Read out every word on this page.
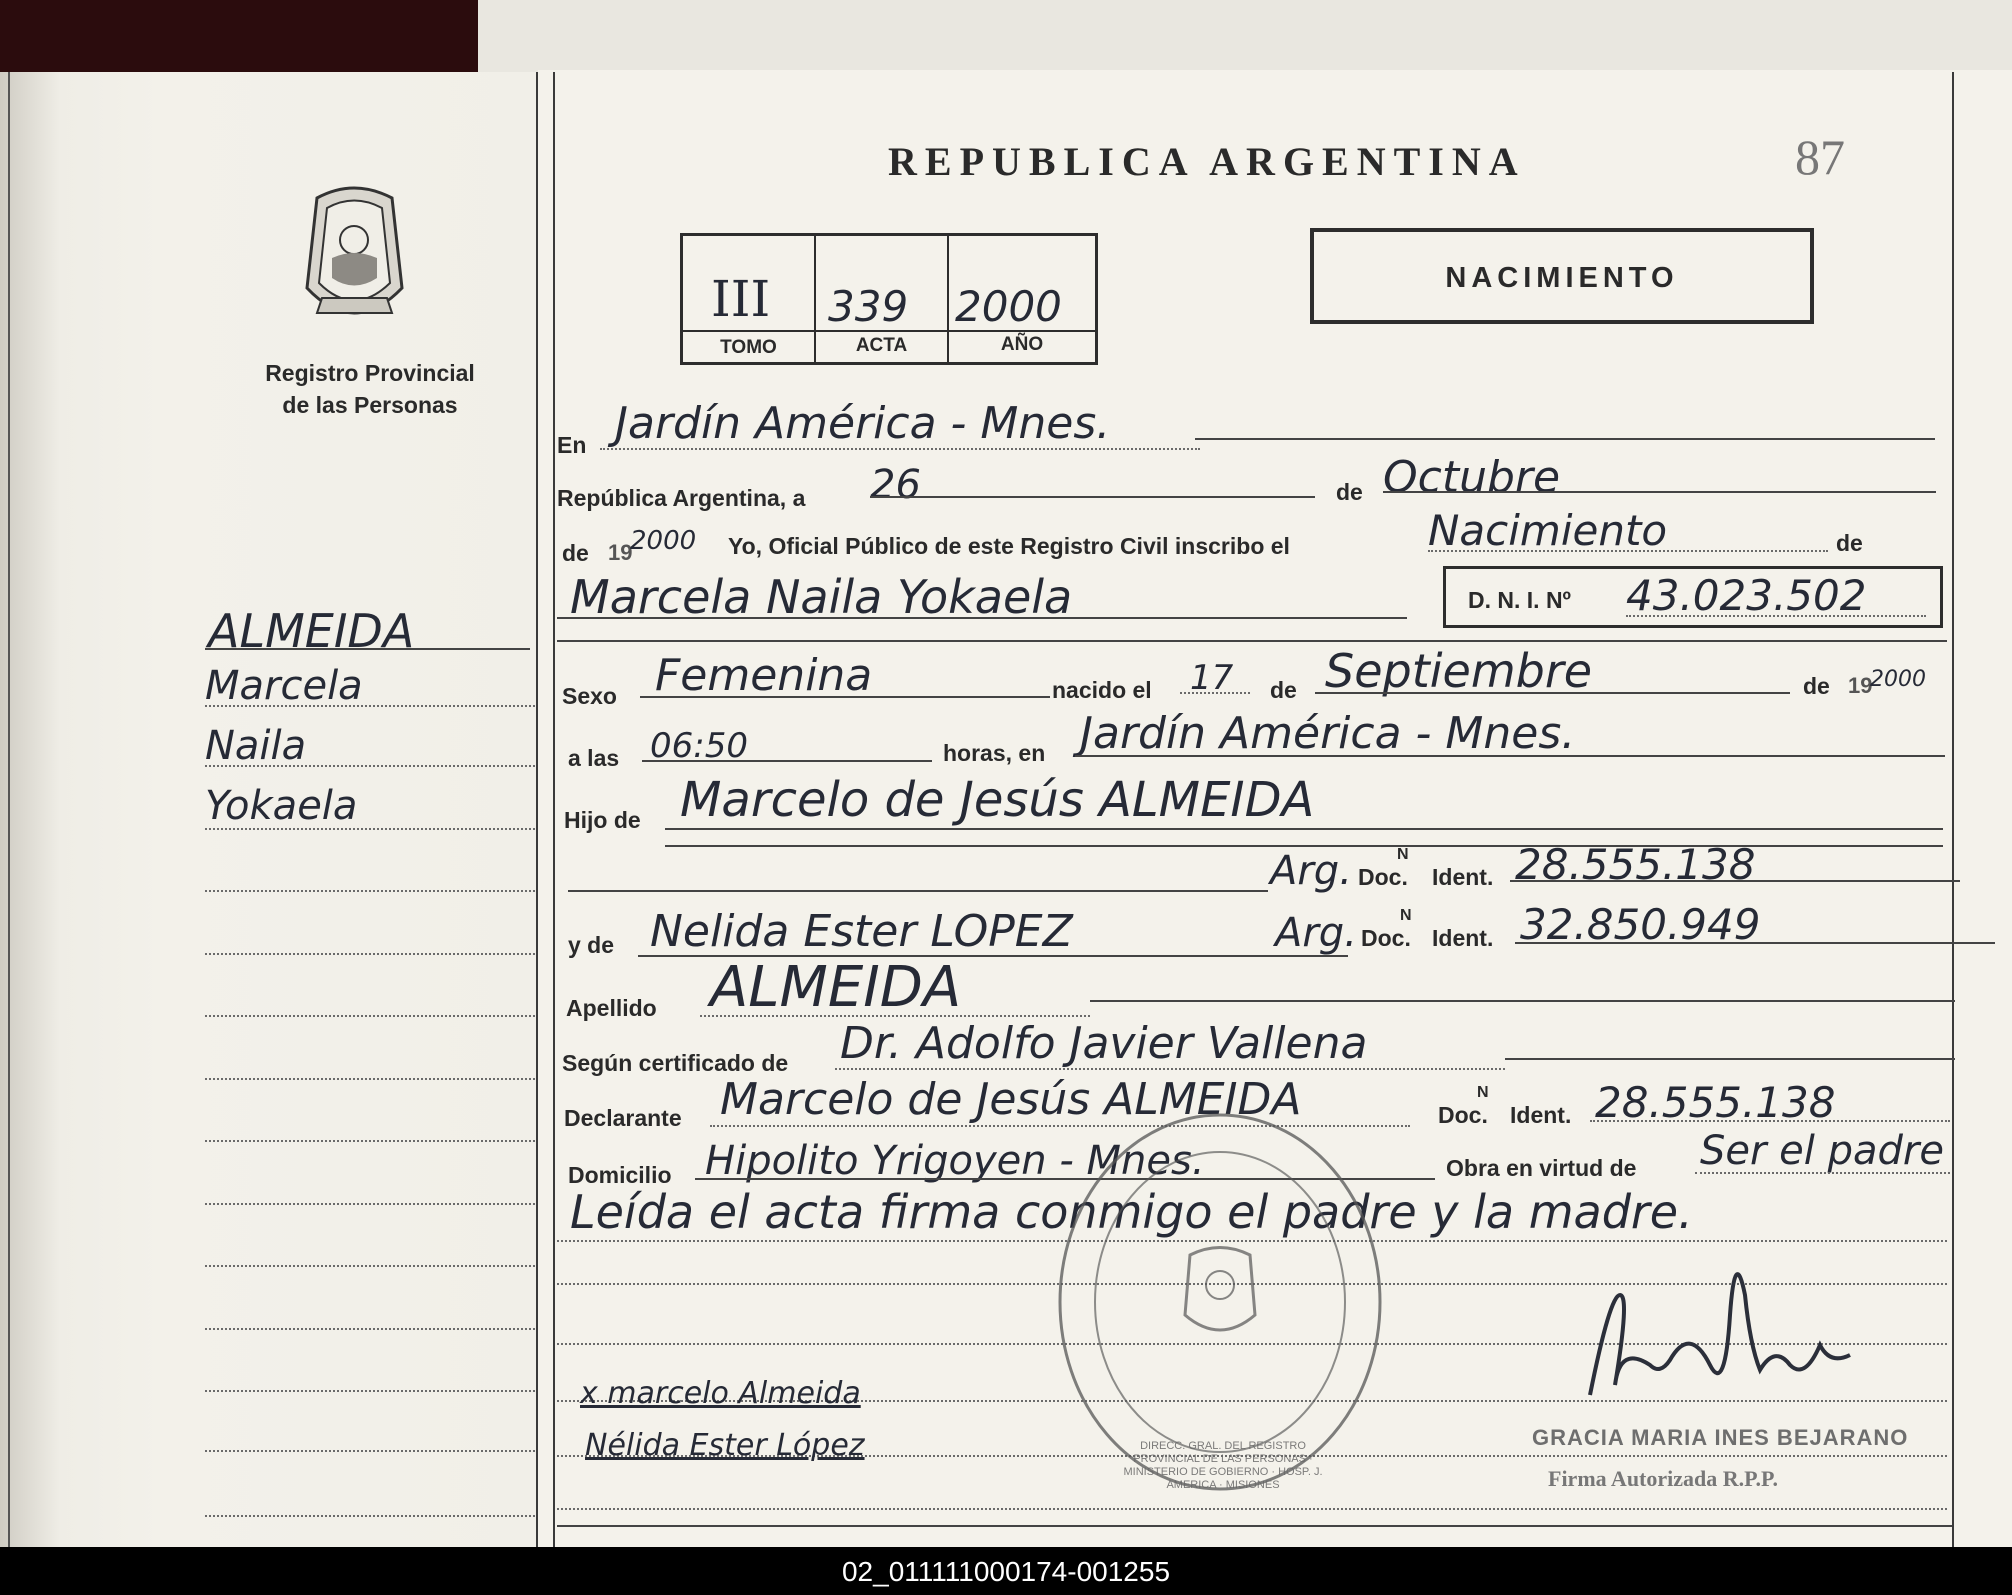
Registro Provincial
de las Personas
ALMEIDA
Marcela
Naila
Yokaela
REPUBLICA ARGENTINA	87
III 339 2000
TOMO	ACTA	AÑO
NACIMIENTO
En Jardín América - Mnes.
República Argentina, a 26	de Octubre
de 19
2000 Yo, Oficial Público de este Registro Civil inscribo el	Nacimiento	de
Marcela Naila Yokaela	D. N. I. Nº 43.023.502
Sexo Femenina	nacido el 17 de Septiembre	de 19
2000
a las 06:50	horas, en Jardín América - Mnes.
Hijo de Marcelo de Jesús ALMEIDA
Arg. Doc.
N
Ident. 28.555.138
y de Nelida Ester LOPEZ	Arg. Doc.
N
Ident. 32.850.949
Apellido ALMEIDA
Según certificado de Dr. Adolfo Javier Vallena
Declarante Marcelo de Jesús ALMEIDA	Doc.
N
Ident. 28.555.138
Domicilio Hipolito Yrigoyen - Mnes.	Obra en virtud de Ser el padre
Leída el acta firma conmigo el padre y la madre.
DIRECC. GRAL. DEL REGISTRO PROVINCIAL DE LAS PERSONAS · MINISTERIO DE GOBIERNO · HOSP. J. AMERICA · MISIONES
x marcelo Almeida
Nélida Ester López	GRACIA MARIA INES BEJARANO
Firma Autorizada R.P.P.
02_011111000174-001255
